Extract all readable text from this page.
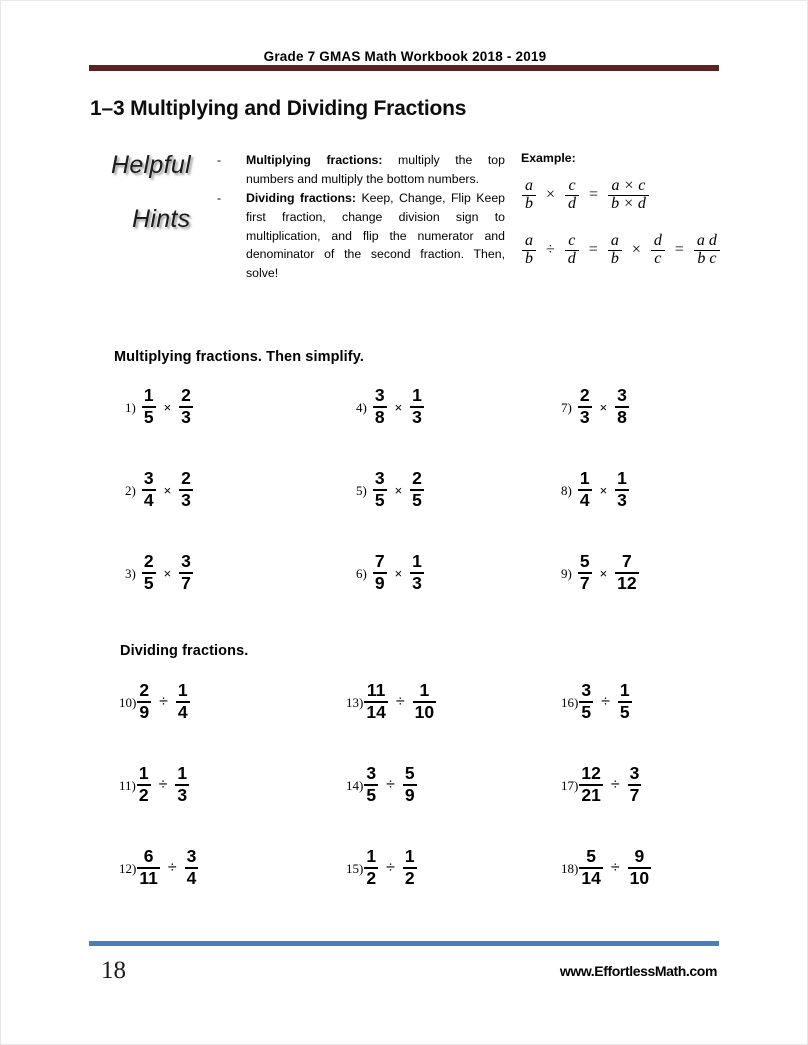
Grade 7 GMAS Math Workbook 2018 - 2019
1–3 Multiplying and Dividing Fractions
Helpful
Hints
- Multiplying fractions: multiply the top numbers and multiply the bottom numbers.
- Dividing fractions: Keep, Change, Flip Keep first fraction, change division sign to multiplication, and flip the numerator and denominator of the second fraction. Then, solve!
Example:
$\frac{a}{b} \times \frac{c}{d} = \frac{a \times c}{b \times d}$
$\frac{a}{b} \div \frac{c}{d} = \frac{a}{b} \times \frac{d}{c} = \frac{\text{a d}}{\text{b c}}$
Multiplying fractions. Then simplify.
Dividing fractions.
$1) \frac{1}{5} \times \frac{2}{3}$
$2) \frac{3}{4} \times \frac{2}{3}$
$3) \frac{2}{5} \times \frac{3}{7}$
$4) \frac{3}{8} \times \frac{1}{3}$
$5) \frac{3}{5} \times \frac{2}{5}$
$6) \frac{7}{9} \times \frac{1}{3}$
$7) \frac{2}{3} \times \frac{3}{8}$
$8) \frac{1}{4} \times \frac{1}{3}$
$9) \frac{5}{7} \times \frac{7}{12}$
$10) \frac{2}{9} \div \frac{1}{4}$
$11) \frac{1}{2} \div \frac{1}{3}$
$12) \frac{6}{11} \div \frac{3}{4}$
$13) \frac{11}{14} \div \frac{1}{10}$
$14) \frac{3}{5} \div \frac{5}{9}$
$15) \frac{1}{2} \div \frac{1}{2}$
$16) \frac{3}{5} \div \frac{1}{5}$
$17) \frac{12}{21} \div \frac{3}{7}$
$18) \frac{5}{14} \div \frac{9}{10}$
18	www.EffortlessMath.com
